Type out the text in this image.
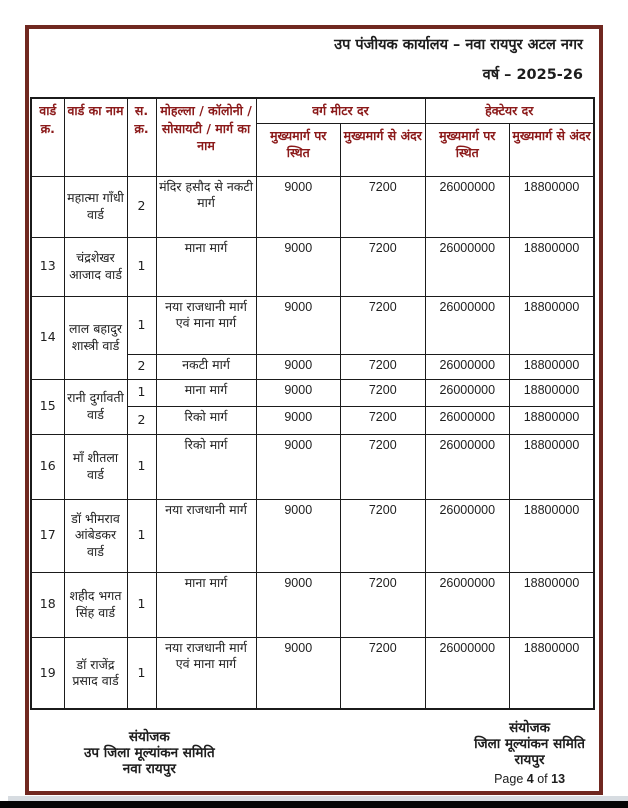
उप पंजीयक कार्यालय – नवा रायपुर अटल नगर
वर्ष – 2025-26
वार्ड क्र.	वार्ड का नाम	स. क्र.	मोहल्ला / कॉलोनी / सोसायटी / मार्ग का नाम	वर्ग मीटर दर		हेक्टेयर दर	
				मुख्यमार्ग पर स्थित	मुख्यमार्ग से अंदर	मुख्यमार्ग पर स्थित	मुख्यमार्ग से अंदर
	महात्मा गाँधी वार्ड	2	मंदिर हसौद से नकटी मार्ग	9000	7200	26000000	18800000
13	चंद्रशेखर आजाद वार्ड	1	माना मार्ग	9000	7200	26000000	18800000
14	लाल बहादुर शास्त्री वार्ड	1	नया राजधानी मार्ग एवं माना मार्ग	9000	7200	26000000	18800000
		2	नकटी मार्ग	9000	7200	26000000	18800000
15	रानी दुर्गावती वार्ड	1	माना मार्ग	9000	7200	26000000	18800000
		2	रिको मार्ग	9000	7200	26000000	18800000
16	माँ शीतला वार्ड	1	रिको मार्ग	9000	7200	26000000	18800000
17	डॉ भीमराव आंबेडकर वार्ड	1	नया राजधानी मार्ग	9000	7200	26000000	18800000
18	शहीद भगत सिंह वार्ड	1	माना मार्ग	9000	7200	26000000	18800000
19	डॉ राजेंद्र प्रसाद वार्ड	1	नया राजधानी मार्ग एवं माना मार्ग	9000	7200	26000000	18800000
संयोजक
उप जिला मूल्यांकन समिति
नवा रायपुर
संयोजक
जिला मूल्यांकन समिति
रायपुर
Page 4 of 13
